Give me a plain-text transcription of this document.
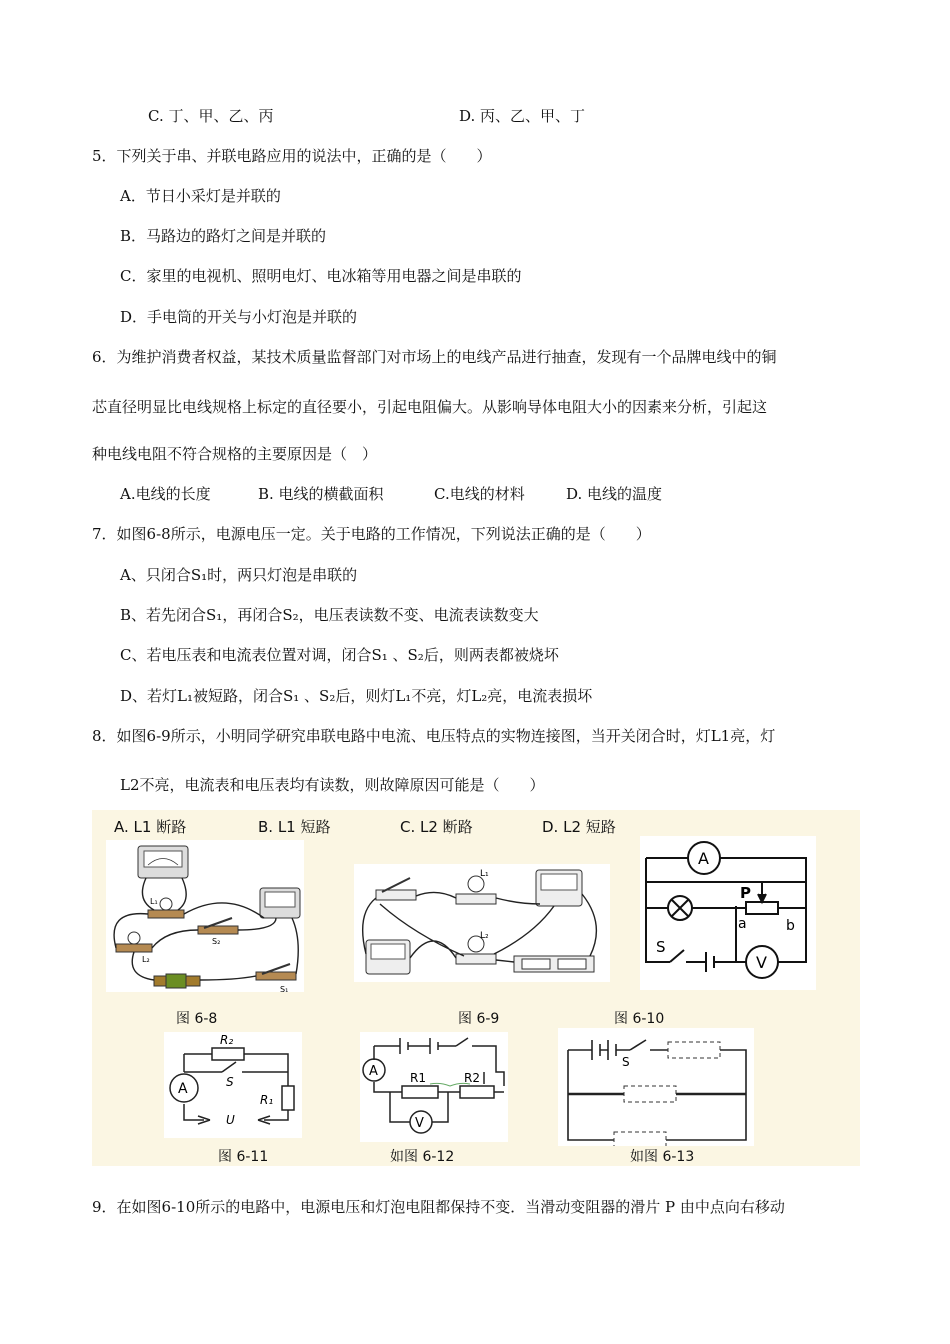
C. 丁、甲、乙、丙	D. 丙、乙、甲、丁
5．下列关于串、并联电路应用的说法中，正确的是（　　）
A．节日小采灯是并联的
B．马路边的路灯之间是并联的
C．家里的电视机、照明电灯、电冰箱等用电器之间是串联的
D．手电筒的开关与小灯泡是并联的
6．为维护消费者权益，某技术质量监督部门对市场上的电线产品进行抽查，发现有一个品牌电线中的铜
芯直径明显比电线规格上标定的直径要小，引起电阻偏大。从影响导体电阻大小的因素来分析，引起这
种电线电阻不符合规格的主要原因是（　）
A.电线的长度	B. 电线的横截面积	C.电线的材料	D. 电线的温度
7．如图6-8所示，电源电压一定。关于电路的工作情况，下列说法正确的是（　　）
A、只闭合S₁时，两只灯泡是串联的
B、若先闭合S₁，再闭合S₂，电压表读数不变、电流表读数变大
C、若电压表和电流表位置对调，闭合S₁ 、S₂后，则两表都被烧坏
D、若灯L₁被短路，闭合S₁ 、S₂后，则灯L₁不亮，灯L₂亮，电流表损坏
8．如图6-9所示，小明同学研究串联电路中电流、电压特点的实物连接图，当开关闭合时，灯L1亮，灯
L2不亮，电流表和电压表均有读数，则故障原因可能是（　　）
A. L1 断路	B. L1 短路	C. L2 断路	D. L2 短路
L₁
L₂
S₂
S₁
图 6-8
L₁
L₂
图 6-9
A
V
P
a	b
S
图 6-10
R₂
R₁
A	S
U
图 6-11
A
V
R1	R2
如图 6-12
S
如图 6-13
9．在如图6-10所示的电路中，电源电压和灯泡电阻都保持不变．当滑动变阻器的滑片 P 由中点向右移动
